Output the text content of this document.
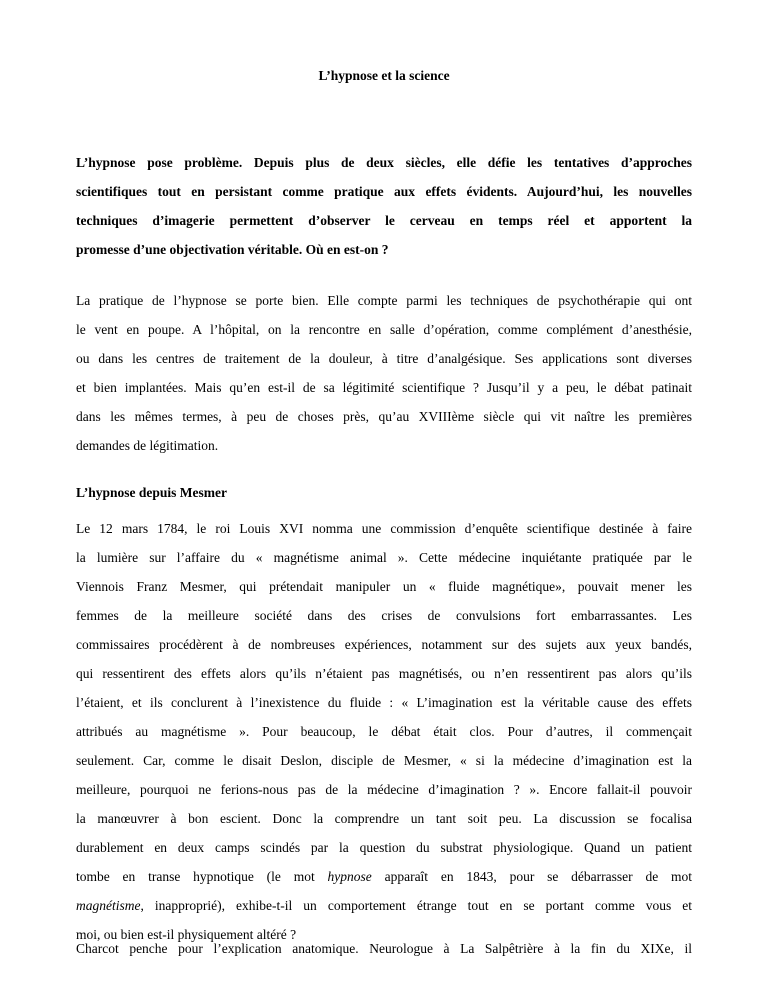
L’hypnose et la science

L’hypnose pose problème. Depuis plus de deux siècles, elle défie les tentatives d’approches
scientifiques tout en persistant comme pratique aux effets évidents. Aujourd’hui, les nouvelles
techniques d’imagerie permettent d’observer le cerveau en temps réel et apportent la
promesse d’une objectivation véritable. Où en est-on ?

La pratique de l’hypnose se porte bien. Elle compte parmi les techniques de psychothérapie qui ont
le vent en poupe. A l’hôpital, on la rencontre en salle d’opération, comme complément d’anesthésie,
ou dans les centres de traitement de la douleur, à titre d’analgésique. Ses applications sont diverses
et bien implantées. Mais qu’en est-il de sa légitimité scientifique ? Jusqu’il y a peu, le débat patinait
dans les mêmes termes, à peu de choses près, qu’au XVIIIème siècle qui vit naître les premières
demandes de légitimation.

L’hypnose depuis Mesmer

Le 12 mars 1784, le roi Louis XVI nomma une commission d’enquête scientifique destinée à faire
la lumière sur l’affaire du « magnétisme animal ». Cette médecine inquiétante pratiquée par le
Viennois Franz Mesmer, qui prétendait manipuler un « fluide magnétique», pouvait mener les
femmes de la meilleure société dans des crises de convulsions fort embarrassantes. Les
commissaires procédèrent à de nombreuses expériences, notamment sur des sujets aux yeux bandés,
qui ressentirent des effets alors qu’ils n’étaient pas magnétisés, ou n’en ressentirent pas alors qu’ils
l’étaient, et ils conclurent à l’inexistence du fluide : « L’imagination est la véritable cause des effets
attribués au magnétisme ». Pour beaucoup, le débat était clos. Pour d’autres, il commençait
seulement. Car, comme le disait Deslon, disciple de Mesmer, « si la médecine d’imagination est la
meilleure, pourquoi ne ferions-nous pas de la médecine d’imagination ? ». Encore fallait-il pouvoir
la manœuvrer à bon escient. Donc la comprendre un tant soit peu. La discussion se focalisa
durablement en deux camps scindés par la question du substrat physiologique. Quand un patient
tombe en transe hypnotique (le mot hypnose apparaît en 1843, pour se débarrasser de mot
magnétisme, inapproprié), exhibe-t-il un comportement étrange tout en se portant comme vous et
moi, ou bien est-il physiquement altéré ?

Charcot penche pour l’explication anatomique. Neurologue à La Salpêtrière à la fin du XIXe, il
